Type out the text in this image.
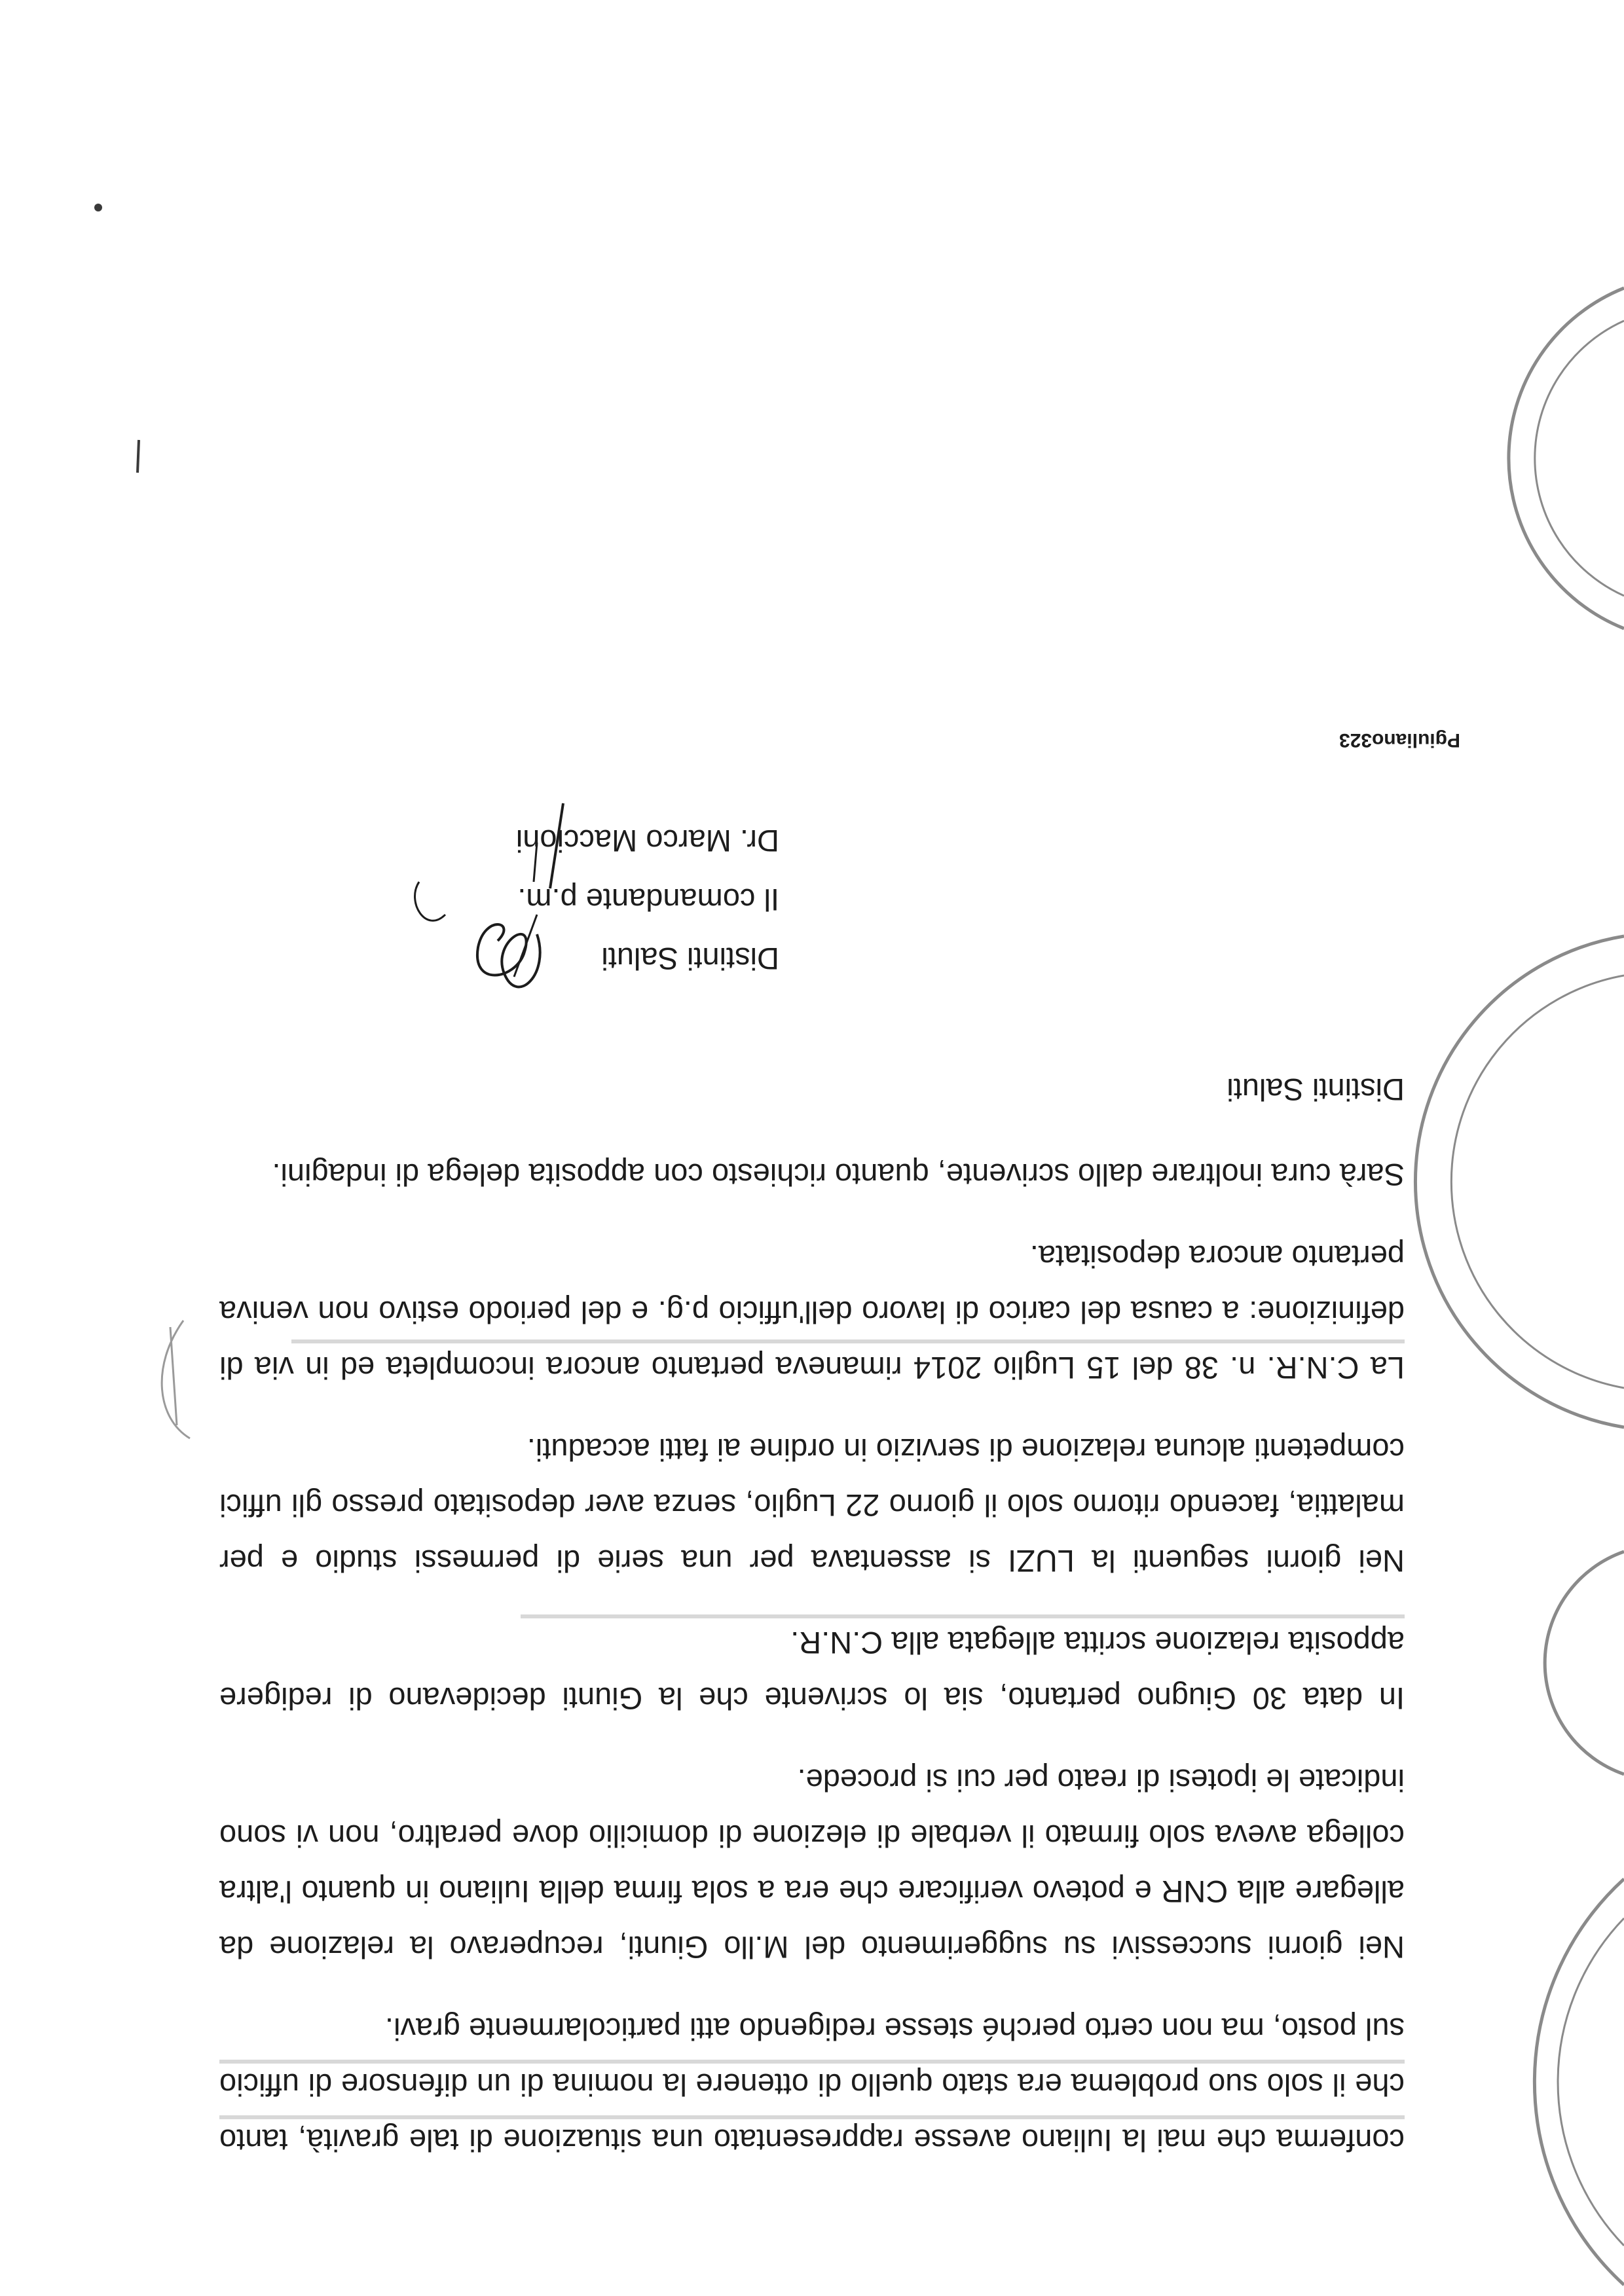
conferma che mai la Iuliano avesse rappresentato una situazione di tale gravità, tanto che il solo suo problema era stato quello di ottenere la nomina di un difensore di ufficio sul posto, ma non certo perché stesse redigendo atti particolarmente gravi.

Nei giorni successivi su suggerimento del M.llo Giunti, recuperavo la relazione da allegare alla CNR e potevo verificare che era a sola firma della Iuliano in quanto l'altra collega aveva solo firmato il verbale di elezione di domicilio dove peraltro, non vi sono indicate le ipotesi di reato per cui si procede.

In data 30 Giugno pertanto, sia lo scrivente che la Giunti decidevano di redigere apposita relazione scritta allegata alla C.N.R.

Nei giorni seguenti la LUZI si assentava per una serie di permessi studio e per malattia, facendo ritorno solo il giorno 22 Luglio, senza aver depositato presso gli uffici competenti alcuna relazione di servizio in ordine ai fatti accaduti.

La C.N.R. n. 38 del 15 Luglio 2014 rimaneva pertanto ancora incompleta ed in via di definizione: a causa del carico di lavoro dell'ufficio p.g. e del periodo estivo non veniva pertanto ancora depositata.

Sarà cura inoltrare dallo scrivente, quanto richiesto con apposita delega di indagini.

Distinti Saluti
Distinti Saluti
Il comandante p.m.
Dr. Marco Maccioni
Pgiuliano323
